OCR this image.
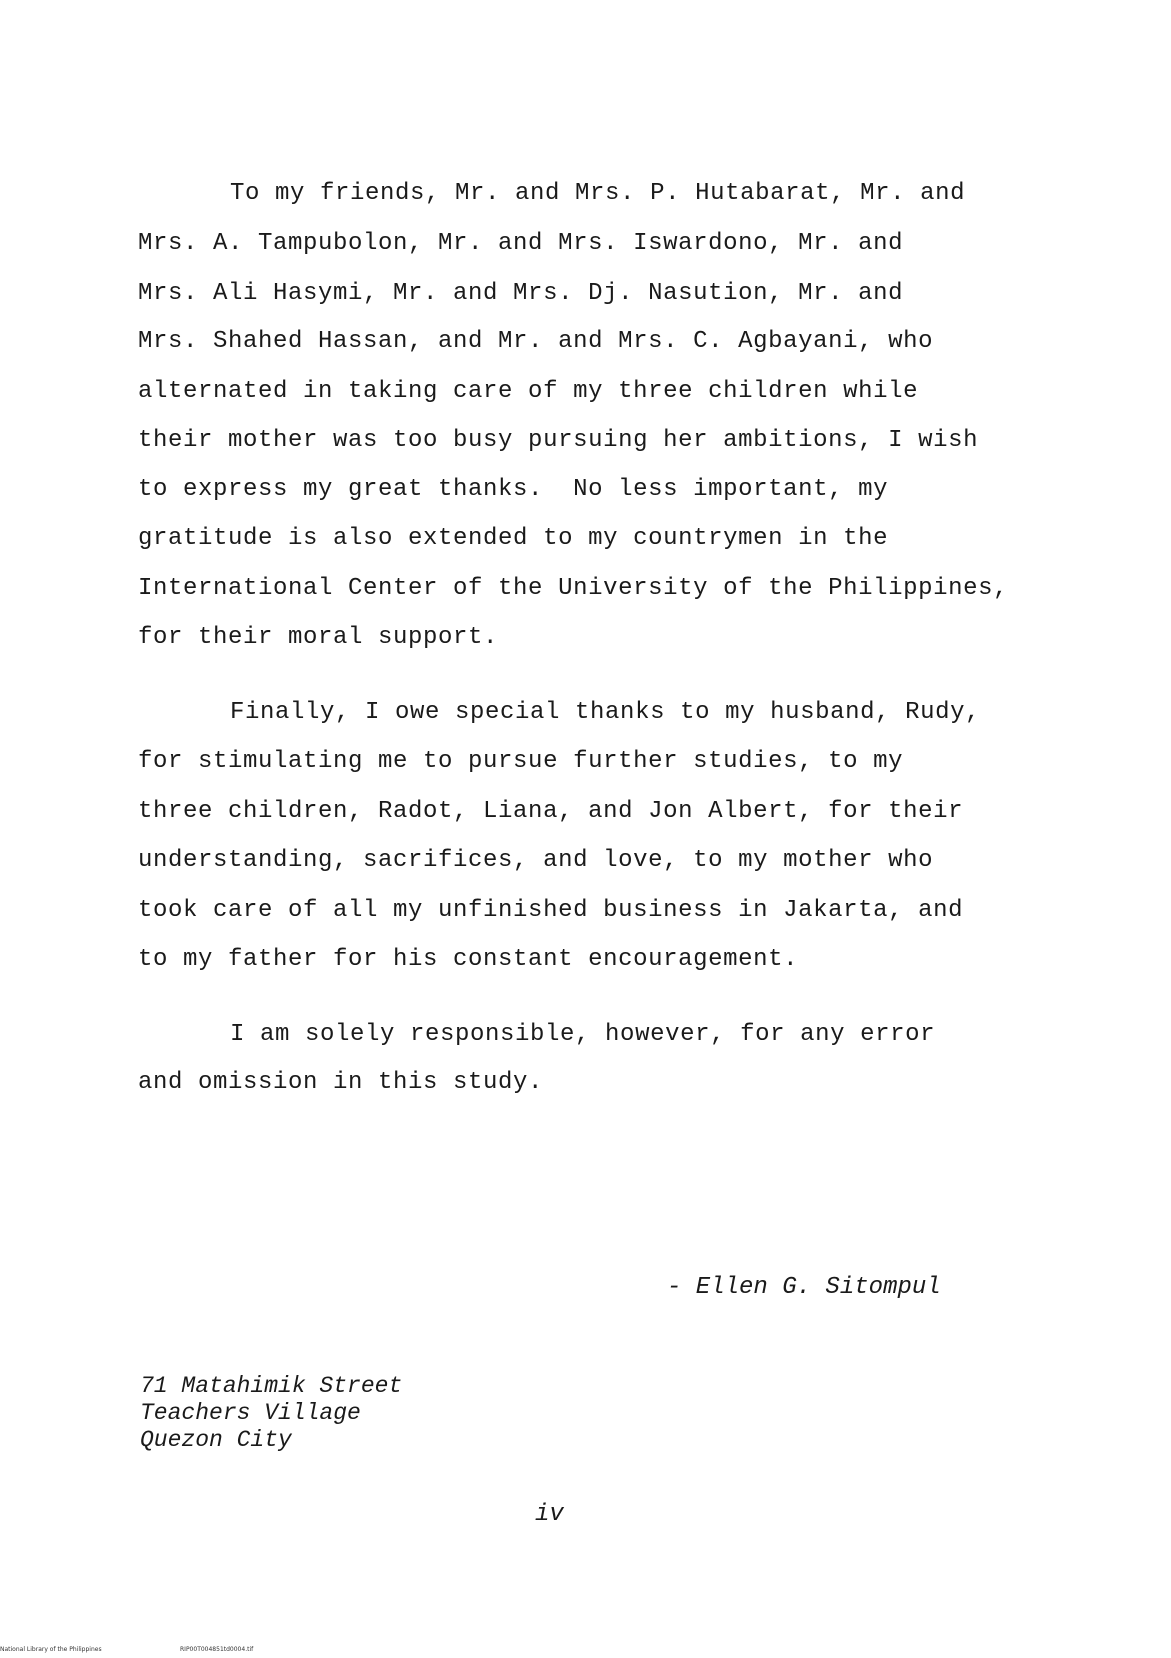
To my friends, Mr. and Mrs. P. Hutabarat, Mr. and
Mrs. A. Tampubolon, Mr. and Mrs. Iswardono, Mr. and
Mrs. Ali Hasymi, Mr. and Mrs. Dj. Nasution, Mr. and
Mrs. Shahed Hassan, and Mr. and Mrs. C. Agbayani, who
alternated in taking care of my three children while
their mother was too busy pursuing her ambitions, I wish
to express my great thanks.  No less important, my
gratitude is also extended to my countrymen in the
International Center of the University of the Philippines,
for their moral support.
Finally, I owe special thanks to my husband, Rudy,
for stimulating me to pursue further studies, to my
three children, Radot, Liana, and Jon Albert, for their
understanding, sacrifices, and love, to my mother who
took care of all my unfinished business in Jakarta, and
to my father for his constant encouragement.
I am solely responsible, however, for any error
and omission in this study.
- Ellen G. Sitompul
71 Matahimik Street
Teachers Village
Quezon City
iv
National Library of the Philippines	RIP00T004851td0004.tif
